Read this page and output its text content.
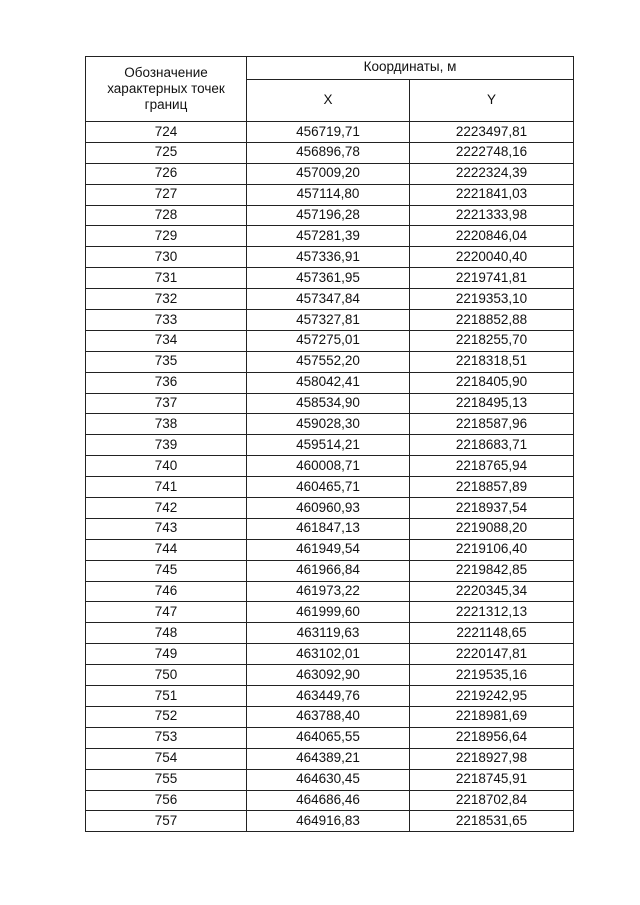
Обозначение характерных точек границ	Координаты, м	
	X	Y
724	456719,71	2223497,81
725	456896,78	2222748,16
726	457009,20	2222324,39
727	457114,80	2221841,03
728	457196,28	2221333,98
729	457281,39	2220846,04
730	457336,91	2220040,40
731	457361,95	2219741,81
732	457347,84	2219353,10
733	457327,81	2218852,88
734	457275,01	2218255,70
735	457552,20	2218318,51
736	458042,41	2218405,90
737	458534,90	2218495,13
738	459028,30	2218587,96
739	459514,21	2218683,71
740	460008,71	2218765,94
741	460465,71	2218857,89
742	460960,93	2218937,54
743	461847,13	2219088,20
744	461949,54	2219106,40
745	461966,84	2219842,85
746	461973,22	2220345,34
747	461999,60	2221312,13
748	463119,63	2221148,65
749	463102,01	2220147,81
750	463092,90	2219535,16
751	463449,76	2219242,95
752	463788,40	2218981,69
753	464065,55	2218956,64
754	464389,21	2218927,98
755	464630,45	2218745,91
756	464686,46	2218702,84
757	464916,83	2218531,65
